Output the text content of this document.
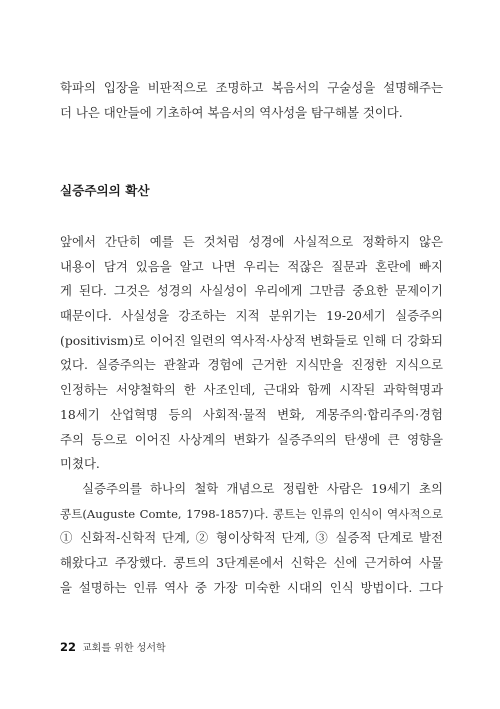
학파의 입장을 비판적으로 조명하고 복음서의 구술성을 설명해주는
더 나은 대안들에 기초하여 복음서의 역사성을 탐구해볼 것이다.
실증주의의 확산
앞에서 간단히 예를 든 것처럼 성경에 사실적으로 정확하지 않은
내용이 담겨 있음을 알고 나면 우리는 적잖은 질문과 혼란에 빠지
게 된다. 그것은 성경의 사실성이 우리에게 그만큼 중요한 문제이기
때문이다. 사실성을 강조하는 지적 분위기는 19-20세기 실증주의
(positivism)로 이어진 일련의 역사적·사상적 변화들로 인해 더 강화되
었다. 실증주의는 관찰과 경험에 근거한 지식만을 진정한 지식으로
인정하는 서양철학의 한 사조인데, 근대와 함께 시작된 과학혁명과
18세기 산업혁명 등의 사회적·물적 변화, 계몽주의·합리주의·경험
주의 등으로 이어진 사상계의 변화가 실증주의의 탄생에 큰 영향을
미쳤다.
실증주의를 하나의 철학 개념으로 정립한 사람은 19세기 초의
콩트(Auguste Comte, 1798-1857)다. 콩트는 인류의 인식이 역사적으로
① 신화적-신학적 단계, ② 형이상학적 단계, ③ 실증적 단계로 발전
해왔다고 주장했다. 콩트의 3단계론에서 신학은 신에 근거하여 사물
을 설명하는 인류 역사 중 가장 미숙한 시대의 인식 방법이다. 그다
22 교회를 위한 성서학
